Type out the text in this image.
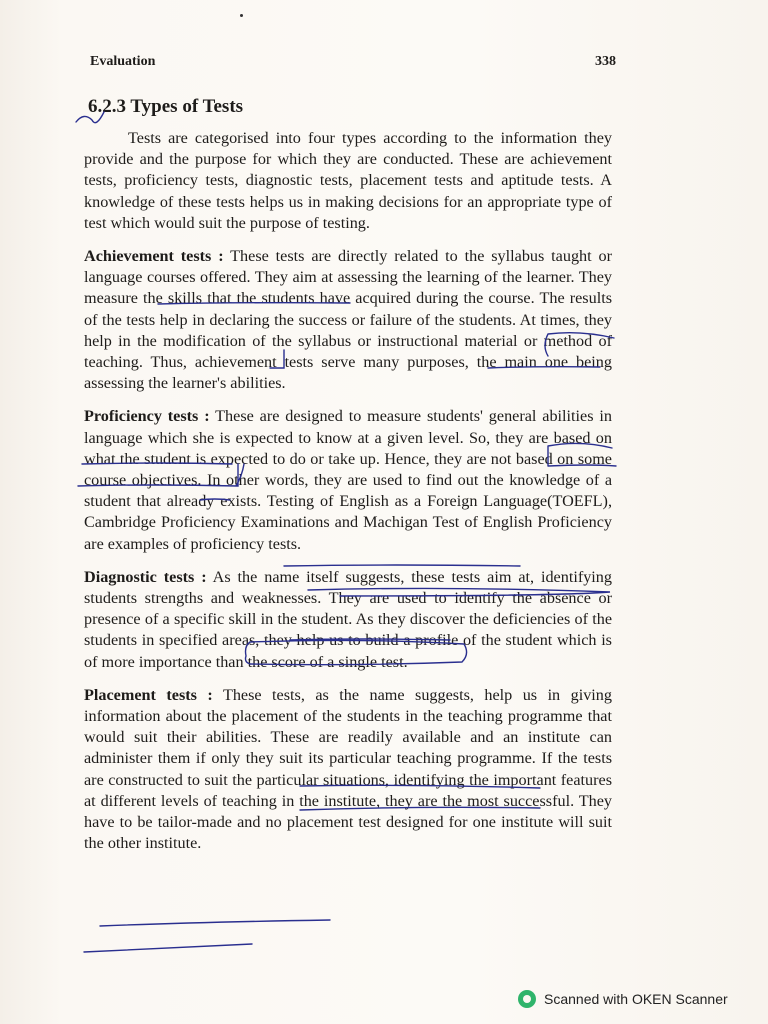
Evaluation	338
6.2.3 Types of Tests

Tests are categorised into four types according to the information they provide and the purpose for which they are conducted. These are achievement tests, proficiency tests, diagnostic tests, placement tests and aptitude tests. A knowledge of these tests helps us in making decisions for an appropriate type of test which would suit the purpose of testing.

Achievement tests : These tests are directly related to the syllabus taught or language courses offered. They aim at assessing the learning of the learner. They measure the skills that the students have acquired during the course. The results of the tests help in declaring the success or failure of the students. At times, they help in the modification of the syllabus or instructional material or method of teaching. Thus, achievement tests serve many purposes, the main one being assessing the learner's abilities.

Proficiency tests : These are designed to measure students' general abilities in language which she is expected to know at a given level. So, they are based on what the student is expected to do or take up. Hence, they are not based on some course objectives. In other words, they are used to find out the knowledge of a student that already exists. Testing of English as a Foreign Language(TOEFL), Cambridge Proficiency Examinations and Machigan Test of English Proficiency are examples of proficiency tests.

Diagnostic tests : As the name itself suggests, these tests aim at, identifying students strengths and weaknesses. They are used to identify the absence or presence of a specific skill in the student. As they discover the deficiencies of the students in specified areas, they help us to build a profile of the student which is of more importance than the score of a single test.

Placement tests : These tests, as the name suggests, help us in giving information about the placement of the students in the teaching programme that would suit their abilities. These are readily available and an institute can administer them if only they suit its particular teaching programme. If the tests are constructed to suit the particular situations, identifying the important features at different levels of teaching in the institute, they are the most successful. They have to be tailor-made and no placement test designed for one institute will suit the other institute.

Scanned with OKEN Scanner
